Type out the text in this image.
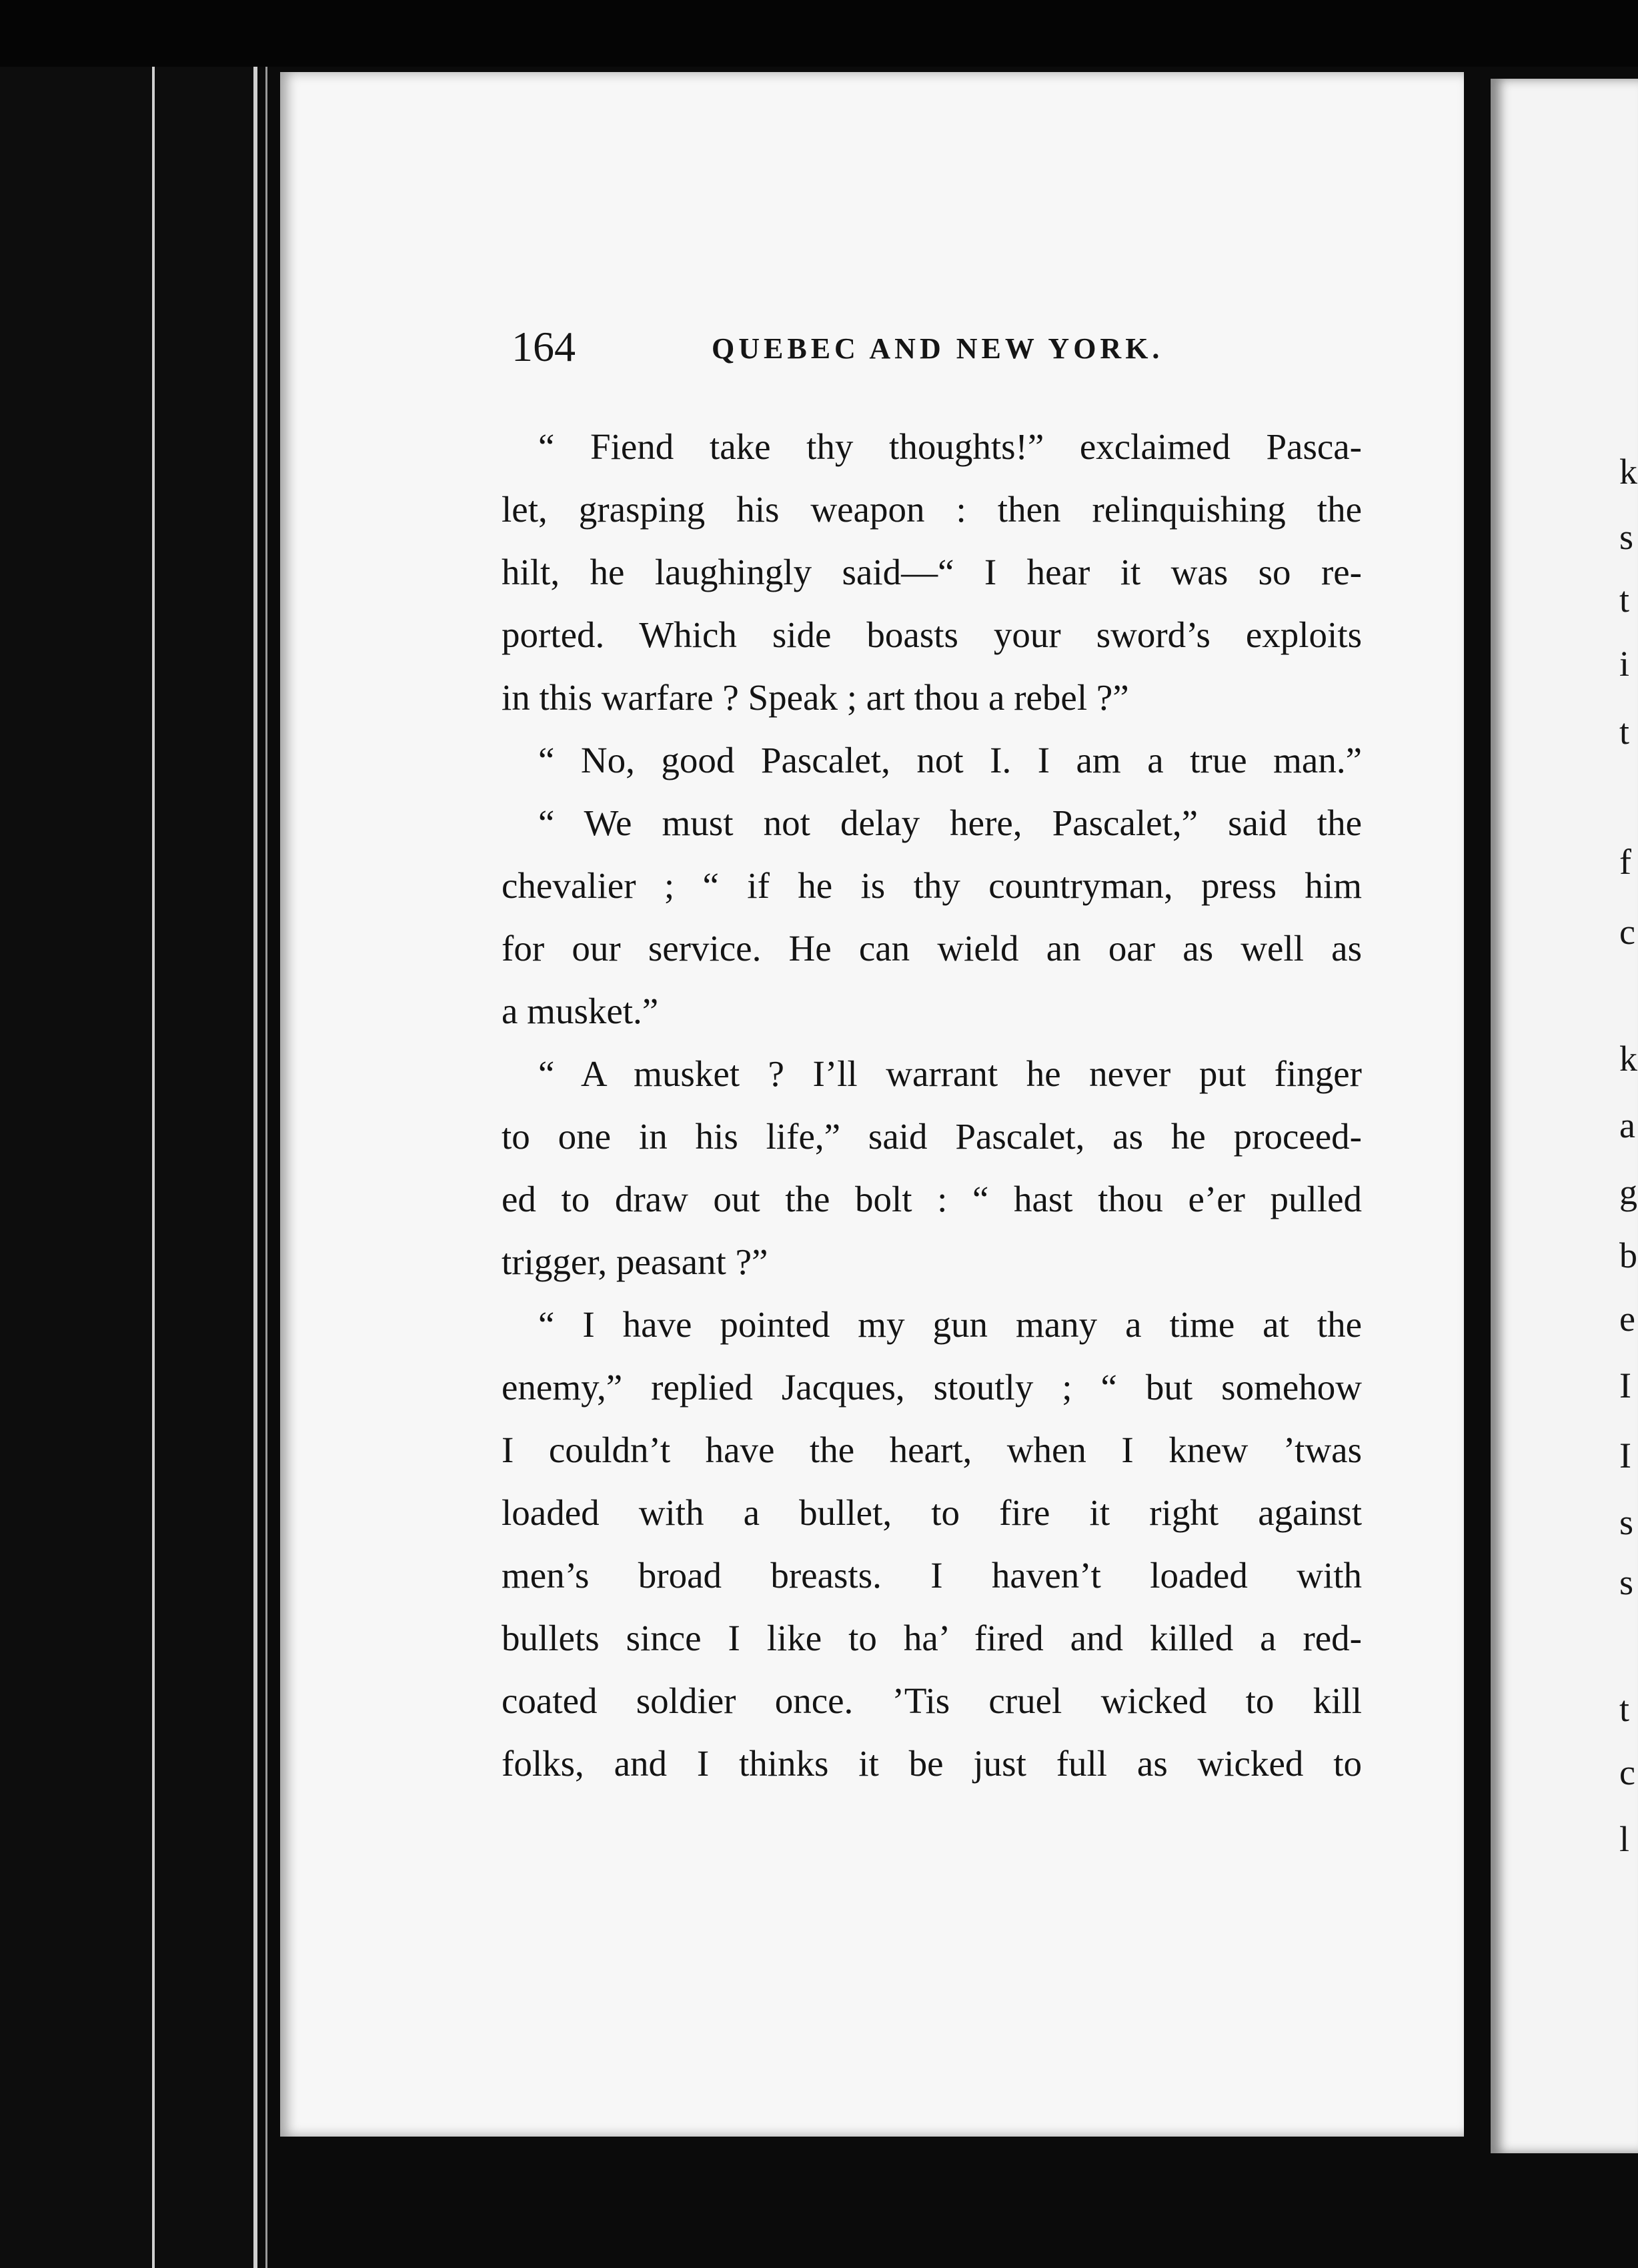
k
s
t
i
t
f
c
k
a
g
b
e
I
I
s
s
t
c
l
164	QUEBEC AND NEW YORK.
“ Fiend take thy thoughts!” exclaimed Pasca-
let, grasping his weapon : then relinquishing the
hilt, he laughingly said—“ I hear it was so re-
ported. Which side boasts your sword’s exploits
in this warfare ? Speak ; art thou a rebel ?”
“ No, good Pascalet, not I. I am a true man.”
“ We must not delay here, Pascalet,” said the
chevalier ; “ if he is thy countryman, press him
for our service. He can wield an oar as well as
a musket.”
“ A musket ? I’ll warrant he never put finger
to one in his life,” said Pascalet, as he proceed-
ed to draw out the bolt : “ hast thou e’er pulled
trigger, peasant ?”
“ I have pointed my gun many a time at the
enemy,” replied Jacques, stoutly ; “ but somehow
I couldn’t have the heart, when I knew ’twas
loaded with a bullet, to fire it right against
men’s broad breasts. I haven’t loaded with
bullets since I like to ha’ fired and killed a red-
coated soldier once. ’Tis cruel wicked to kill
folks, and I thinks it be just full as wicked to
